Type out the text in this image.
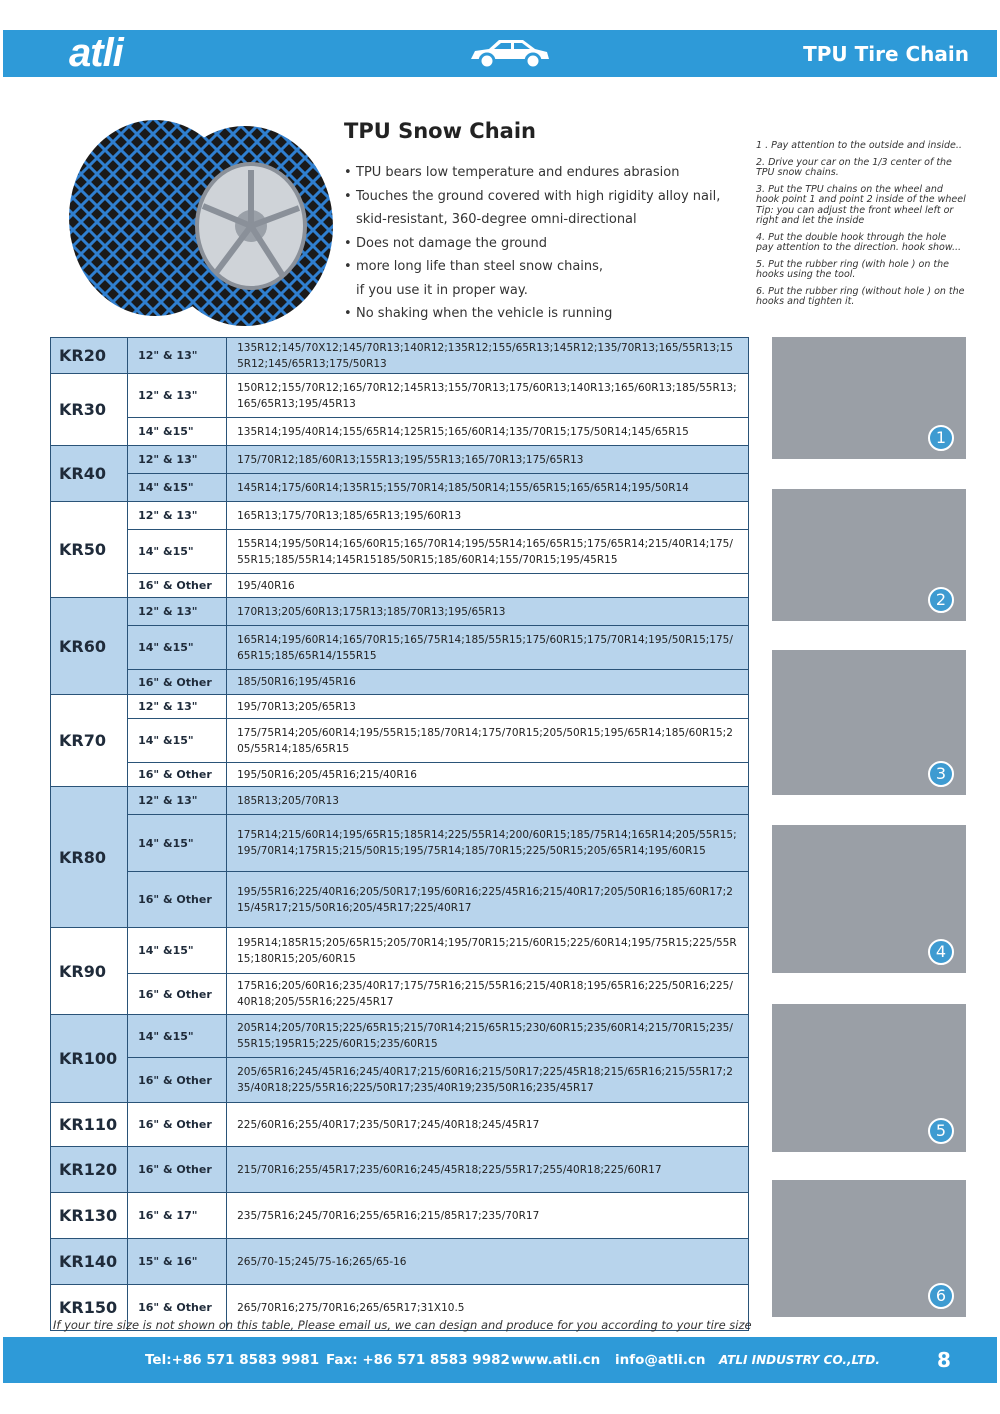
atli	TPU Tire Chain
TPU Snow Chain
• TPU bears low temperature and endures abrasion
• Touches the ground covered with high rigidity alloy nail,
skid-resistant, 360-degree omni-directional
• Does not damage the ground
• more long life than steel snow chains,
if you use it in proper way.
• No shaking when the vehicle is running
1 . Pay attention to the outside and inside..
2. Drive your car on the 1/3 center of the TPU snow chains.
3. Put the TPU chains on the wheel and hook point 1 and point 2 inside of the wheel Tip: you can adjust the front wheel left or right and let the inside
4. Put the double hook through the hole pay attention to the direction. hook show...
5. Put the rubber ring (with hole ) on the hooks using the tool.
6. Put the rubber ring (without hole ) on the hooks and tighten it.
KR20	12" & 13"	135R12;145/70X12;145/70R13;140R12;135R12;155/65R13;145R12;135/70R13;165/55R13;155R12;145/65R13;175/50R13
KR30	12" & 13"	150R12;155/70R12;165/70R12;145R13;155/70R13;175/60R13;140R13;165/60R13;185/55R13;165/65R13;195/45R13
	14" &15"	135R14;195/40R14;155/65R14;125R15;165/60R14;135/70R15;175/50R14;145/65R15
KR40	12" & 13"	175/70R12;185/60R13;155R13;195/55R13;165/70R13;175/65R13
	14" &15"	145R14;175/60R14;135R15;155/70R14;185/50R14;155/65R15;165/65R14;195/50R14
KR50	12" & 13"	165R13;175/70R13;185/65R13;195/60R13
	14" &15"	155R14;195/50R14;165/60R15;165/70R14;195/55R14;165/65R15;175/65R14;215/40R14;175/55R15;185/55R14;145R15185/50R15;185/60R14;155/70R15;195/45R15
	16" & Other	195/40R16
KR60	12" & 13"	170R13;205/60R13;175R13;185/70R13;195/65R13
	14" &15"	165R14;195/60R14;165/70R15;165/75R14;185/55R15;175/60R15;175/70R14;195/50R15;175/65R15;185/65R14/155R15
	16" & Other	185/50R16;195/45R16
KR70	12" & 13"	195/70R13;205/65R13
	14" &15"	175/75R14;205/60R14;195/55R15;185/70R14;175/70R15;205/50R15;195/65R14;185/60R15;205/55R14;185/65R15
	16" & Other	195/50R16;205/45R16;215/40R16
KR80	12" & 13"	185R13;205/70R13
	14" &15"	175R14;215/60R14;195/65R15;185R14;225/55R14;200/60R15;185/75R14;165R14;205/55R15;195/70R14;175R15;215/50R15;195/75R14;185/70R15;225/50R15;205/65R14;195/60R15
	16" & Other	195/55R16;225/40R16;205/50R17;195/60R16;225/45R16;215/40R17;205/50R16;185/60R17;215/45R17;215/50R16;205/45R17;225/40R17
KR90	14" &15"	195R14;185R15;205/65R15;205/70R14;195/70R15;215/60R15;225/60R14;195/75R15;225/55R15;180R15;205/60R15
	16" & Other	175R16;205/60R16;235/40R17;175/75R16;215/55R16;215/40R18;195/65R16;225/50R16;225/40R18;205/55R16;225/45R17
KR100	14" &15"	205R14;205/70R15;225/65R15;215/70R14;215/65R15;230/60R15;235/60R14;215/70R15;235/55R15;195R15;225/60R15;235/60R15
	16" & Other	205/65R16;245/45R16;245/40R17;215/60R16;215/50R17;225/45R18;215/65R16;215/55R17;235/40R18;225/55R16;225/50R17;235/40R19;235/50R16;235/45R17
KR110	16" & Other	225/60R16;255/40R17;235/50R17;245/40R18;245/45R17
KR120	16" & Other	215/70R16;255/45R17;235/60R16;245/45R18;225/55R17;255/40R18;225/60R17
KR130	16" & 17"	235/75R16;245/70R16;255/65R16;215/85R17;235/70R17
KR140	15" & 16"	265/70-15;245/75-16;265/65-16
KR150	16" & Other	265/70R16;275/70R16;265/65R17;31X10.5
1
2
3
4
5
6
If your tire size is not shown on this table, Please email us, we can design and produce for you according to your tire size
Tel:+86 571 8583 9981 Fax: +86 571 8583 9982 www.atli.cn info@atli.cn ATLI INDUSTRY CO.,LTD.	8
